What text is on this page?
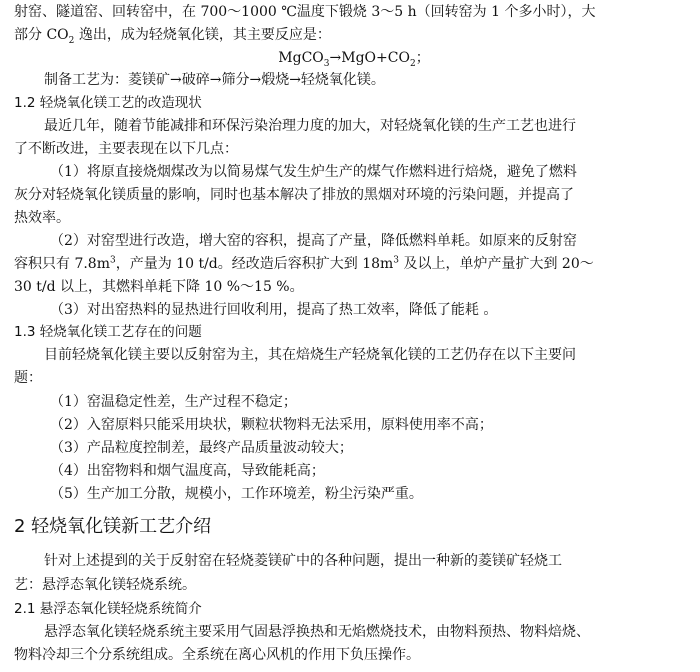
射窑、隧道窑、回转窑中，在 700～1000 ℃温度下锻烧 3～5 h（回转窑为 1 个多小时），大
部分 $CO_2$ 逸出，成为轻烧氧化镁，其主要反应是：
$MgCO_3\to MgO+CO_2$；
制备工艺为：菱镁矿→破碎→筛分→煅烧→轻烧氧化镁。
1.2 轻烧氧化镁工艺的改造现状
最近几年，随着节能减排和环保污染治理力度的加大，对轻烧氧化镁的生产工艺也进行
了不断改进，主要表现在以下几点：
（1）将原直接烧烟煤改为以简易煤气发生炉生产的煤气作燃料进行焙烧，避免了燃料
灰分对轻烧氧化镁质量的影响，同时也基本解决了排放的黑烟对环境的污染问题，并提高了
热效率。
（2）对窑型进行改造，增大窑的容积，提高了产量，降低燃料单耗。如原来的反射窑
容积只有 $7.8m^3$，产量为 10 t/d。经改造后容积扩大到 $18m^3$ 及以上，单炉产量扩大到 20～
30 t/d 以上，其燃料单耗下降 10 %～15 %。
（3）对出窑热料的显热进行回收利用，提高了热工效率，降低了能耗 。
1.3 轻烧氧化镁工艺存在的问题
目前轻烧氧化镁主要以反射窑为主，其在焙烧生产轻烧氧化镁的工艺仍存在以下主要问
题：
（1）窑温稳定性差，生产过程不稳定；
（2）入窑原料只能采用块状，颗粒状物料无法采用，原料使用率不高；
（3）产品粒度控制差，最终产品质量波动较大；
（4）出窑物料和烟气温度高，导致能耗高；
（5）生产加工分散，规模小，工作环境差，粉尘污染严重。
2 轻烧氧化镁新工艺介绍
针对上述提到的关于反射窑在轻烧菱镁矿中的各种问题，提出一种新的菱镁矿轻烧工
艺：悬浮态氧化镁轻烧系统。
2.1 悬浮态氧化镁轻烧系统简介
悬浮态氧化镁轻烧系统主要采用气固悬浮换热和无焰燃烧技术，由物料预热、物料焙烧、
物料冷却三个分系统组成。全系统在离心风机的作用下负压操作。
